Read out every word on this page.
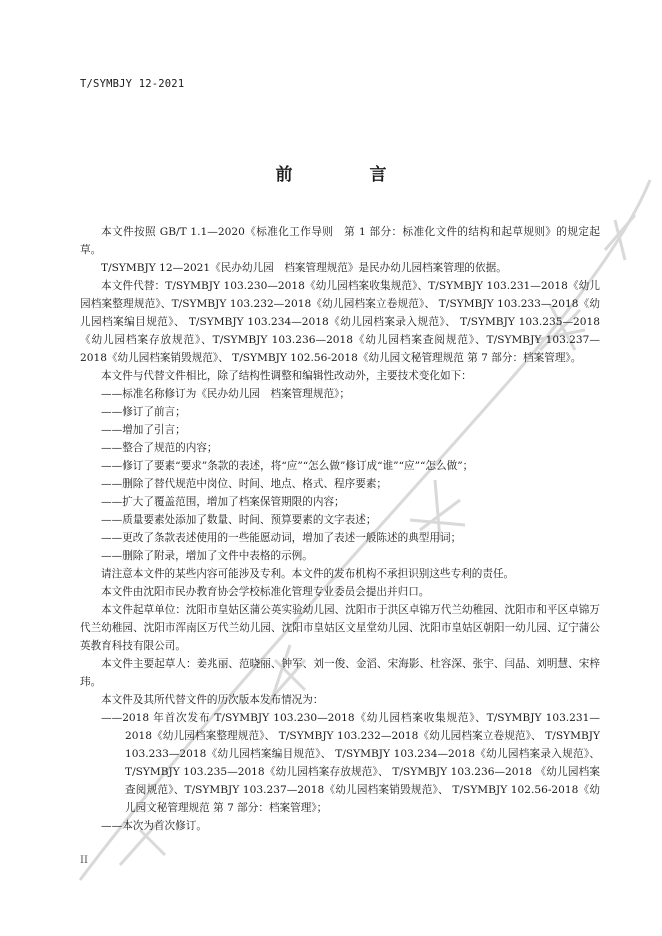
T/SYMBJY 12-2021
前　言

本文件按照 GB/T 1.1—2020《标准化工作导则　第 1 部分：标准化文件的结构和起草规则》的规定起草。

T/SYMBJY 12—2021《民办幼儿园　档案管理规范》是民办幼儿园档案管理的依据。

本文件代替：T/SYMBJY 103.230—2018《幼儿园档案收集规范》、T/SYMBJY 103.231—2018《幼儿园档案整理规范》、T/SYMBJY 103.232—2018《幼儿园档案立卷规范》、 T/SYMBJY 103.233—2018《幼儿园档案编目规范》、 T/SYMBJY 103.234—2018《幼儿园档案录入规范》、 T/SYMBJY 103.235—2018《幼儿园档案存放规范》、T/SYMBJY 103.236—2018《幼儿园档案查阅规范》、T/SYMBJY 103.237—2018《幼儿园档案销毁规范》、 T/SYMBJY 102.56-2018《幼儿园文秘管理规范 第 7 部分：档案管理》。

本文件与代替文件相比，除了结构性调整和编辑性改动外，主要技术变化如下：

——标准名称修订为《民办幼儿园　档案管理规范》；

——修订了前言；

——增加了引言；

——整合了规范的内容；

——修订了要素“要求”条款的表述，将“应”“怎么做”修订成“谁”“应”“怎么做”；

——删除了替代规范中岗位、时间、地点、格式、程序要素；

——扩大了覆盖范围，增加了档案保管期限的内容；

——质量要素处添加了数量、时间、预算要素的文字表述；

——更改了条款表述使用的一些能愿动词，增加了表述一般陈述的典型用词；

——删除了附录，增加了文件中表格的示例。

请注意本文件的某些内容可能涉及专利。本文件的发布机构不承担识别这些专利的责任。

本文件由沈阳市民办教育协会学校标准化管理专业委员会提出并归口。

本文件起草单位：沈阳市皇姑区蒲公英实验幼儿园、沈阳市于洪区卓锦万代兰幼稚园、沈阳市和平区卓锦万代兰幼稚园、沈阳市浑南区万代兰幼儿园、沈阳市皇姑区文星堂幼儿园、沈阳市皇姑区朝阳一幼儿园、辽宁蒲公英教育科技有限公司。

本文件主要起草人：姜兆丽、范晓丽、钟军、刘一俊、金滔、宋海影、杜容深、张宇、闫晶、刘明慧、宋梓玮。

本文件及其所代替文件的历次版本发布情况为：

——2018 年首次发布 T/SYMBJY 103.230—2018《幼儿园档案收集规范》、T/SYMBJY 103.231—2018《幼儿园档案整理规范》、 T/SYMBJY 103.232—2018《幼儿园档案立卷规范》、 T/SYMBJY 103.233—2018《幼儿园档案编目规范》、 T/SYMBJY 103.234—2018《幼儿园档案录入规范》、T/SYMBJY 103.235—2018《幼儿园档案存放规范》、 T/SYMBJY 103.236—2018 《幼儿园档案查阅规范》、T/SYMBJY 103.237—2018《幼儿园档案销毁规范》、 T/SYMBJY 102.56-2018《幼儿园文秘管理规范 第 7 部分：档案管理》；

——本次为首次修订。

II
